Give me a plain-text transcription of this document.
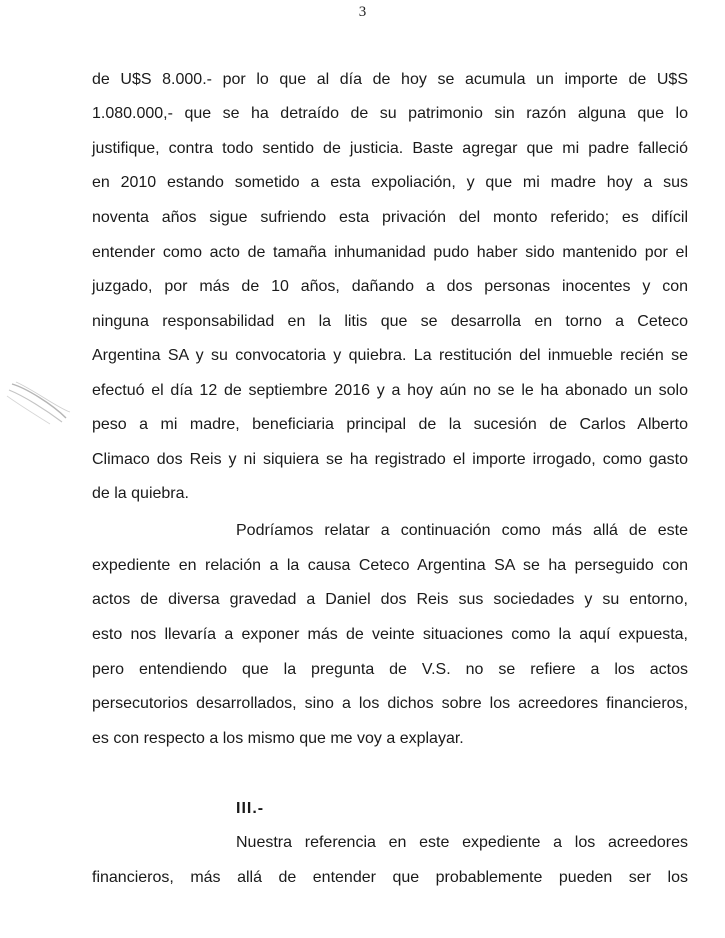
3
de U$S 8.000.- por lo que al día de hoy se acumula un importe de U$S
1.080.000,- que se ha detraído de su patrimonio sin razón alguna que lo
justifique, contra todo sentido de justicia. Baste agregar que mi padre falleció
en 2010 estando sometido a esta expoliación, y que mi madre hoy a sus
noventa años sigue sufriendo esta privación del monto referido; es difícil
entender como acto de tamaña inhumanidad pudo haber sido mantenido por el
juzgado, por más de 10 años, dañando a dos personas inocentes y con
ninguna responsabilidad en la litis que se desarrolla en torno a Ceteco
Argentina SA y su convocatoria y quiebra. La restitución del inmueble recién se
efectuó el día 12 de septiembre 2016 y a hoy aún no se le ha abonado un solo
peso a mi madre, beneficiaria principal de la sucesión de Carlos Alberto
Climaco dos Reis y ni siquiera se ha registrado el importe irrogado, como gasto
de la quiebra.
Podríamos relatar a continuación como más allá de este
expediente en relación a la causa Ceteco Argentina SA se ha perseguido con
actos de diversa gravedad a Daniel dos Reis sus sociedades y su entorno,
esto nos llevaría a exponer más de veinte situaciones como la aquí expuesta,
pero entendiendo que la pregunta de V.S. no se refiere a los actos
persecutorios desarrollados, sino a los dichos sobre los acreedores financieros,
es con respecto a los mismo que me voy a explayar.
III.-
Nuestra referencia en este expediente a los acreedores
financieros, más allá de entender que probablemente pueden ser los
